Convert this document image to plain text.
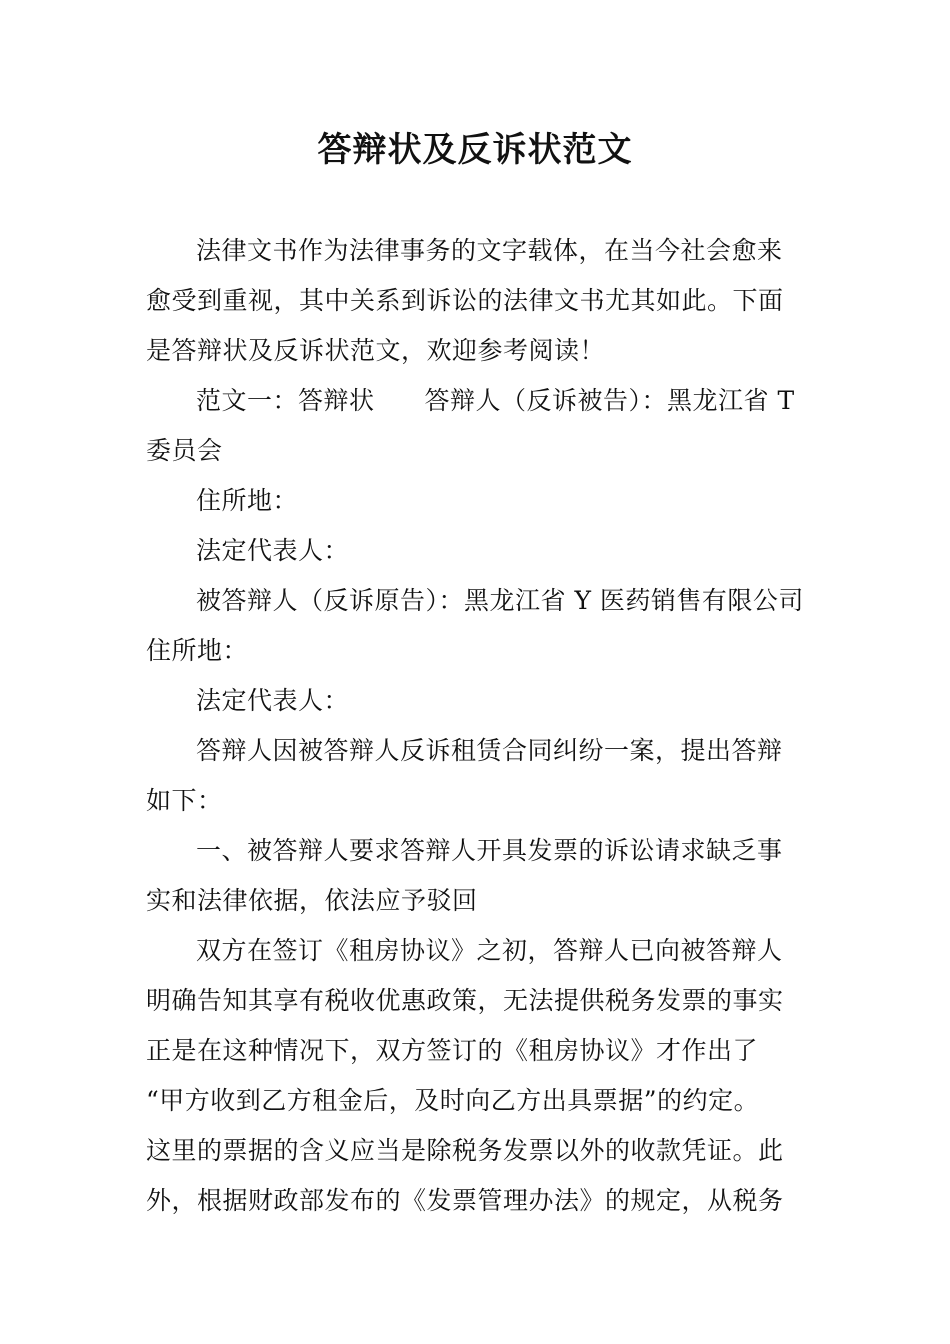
答辩状及反诉状范文
法律文书作为法律事务的文字载体，在当今社会愈来
愈受到重视，其中关系到诉讼的法律文书尤其如此。下面
是答辩状及反诉状范文，欢迎参考阅读！
范文一：答辩状 答辩人（反诉被告）：黑龙江省 T
委员会
住所地：
法定代表人：
被答辩人（反诉原告）：黑龙江省 Y 医药销售有限公司
住所地：
法定代表人：
答辩人因被答辩人反诉租赁合同纠纷一案，提出答辩
如下：
一、被答辩人要求答辩人开具发票的诉讼请求缺乏事
实和法律依据，依法应予驳回
双方在签订《租房协议》之初，答辩人已向被答辩人
明确告知其享有税收优惠政策，无法提供税务发票的事实
正是在这种情况下，双方签订的《租房协议》才作出了
“甲方收到乙方租金后，及时向乙方出具票据”的约定。
这里的票据的含义应当是除税务发票以外的收款凭证。此
外，根据财政部发布的《发票管理办法》的规定，从税务
